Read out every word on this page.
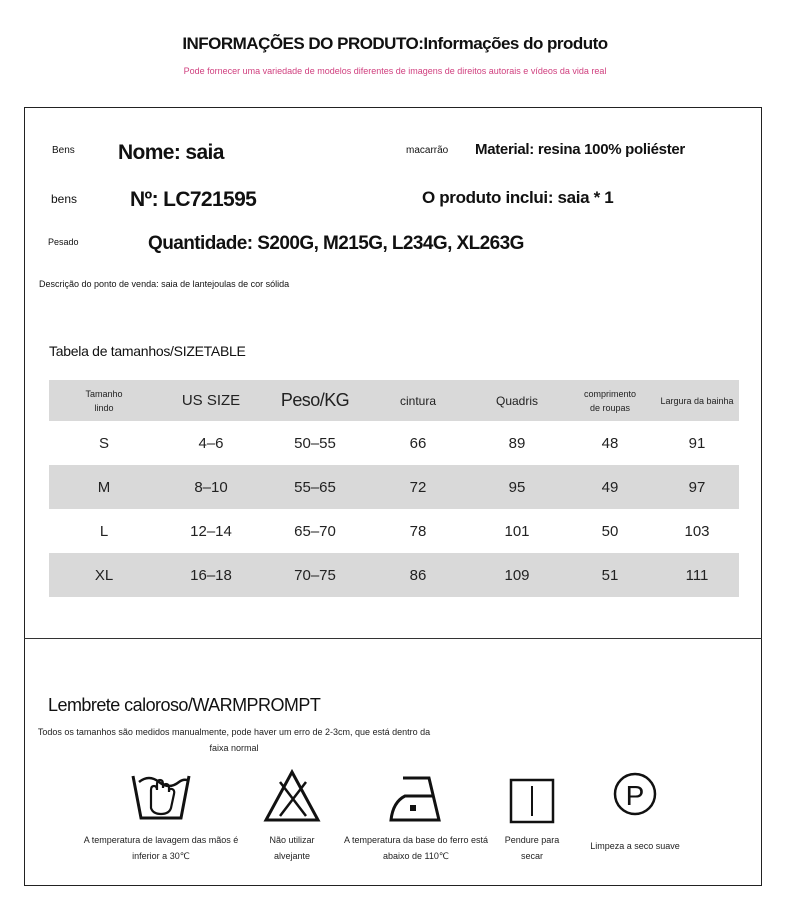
INFORMAÇÕES DO PRODUTO:Informações do produto
Pode fornecer uma variedade de modelos diferentes de imagens de direitos autorais e vídeos da vida real
Bens Nome: saia	macarrão Material: resina 100% poliéster
bens	Nº: LC721595	O produto inclui: saia * 1
Pesado	Quantidade: S200G, M215G, L234G, XL263G
Descrição do ponto de venda: saia de lantejoulas de cor sólida
Tabela de tamanhos/SIZETABLE
Tamanho lindo	US SIZE	Peso/KG	cintura	Quadris	comprimento de roupas	Largura da bainha
S	4–6	50–55	66	89	48	91
M	8–10	55–65	72	95	49	97
L	12–14	65–70	78	101	50	103
XL	16–18	70–75	86	109	51	111
Lembrete caloroso/WARMPROMPT
Todos os tamanhos são medidos manualmente, pode haver um erro de 2-3cm, que está dentro da faixa normal
A temperatura de lavagem das mãos é inferior a 30℃
Não utilizar alvejante
A temperatura da base do ferro está abaixo de 110℃
Pendure para secar
P
Limpeza a seco suave
